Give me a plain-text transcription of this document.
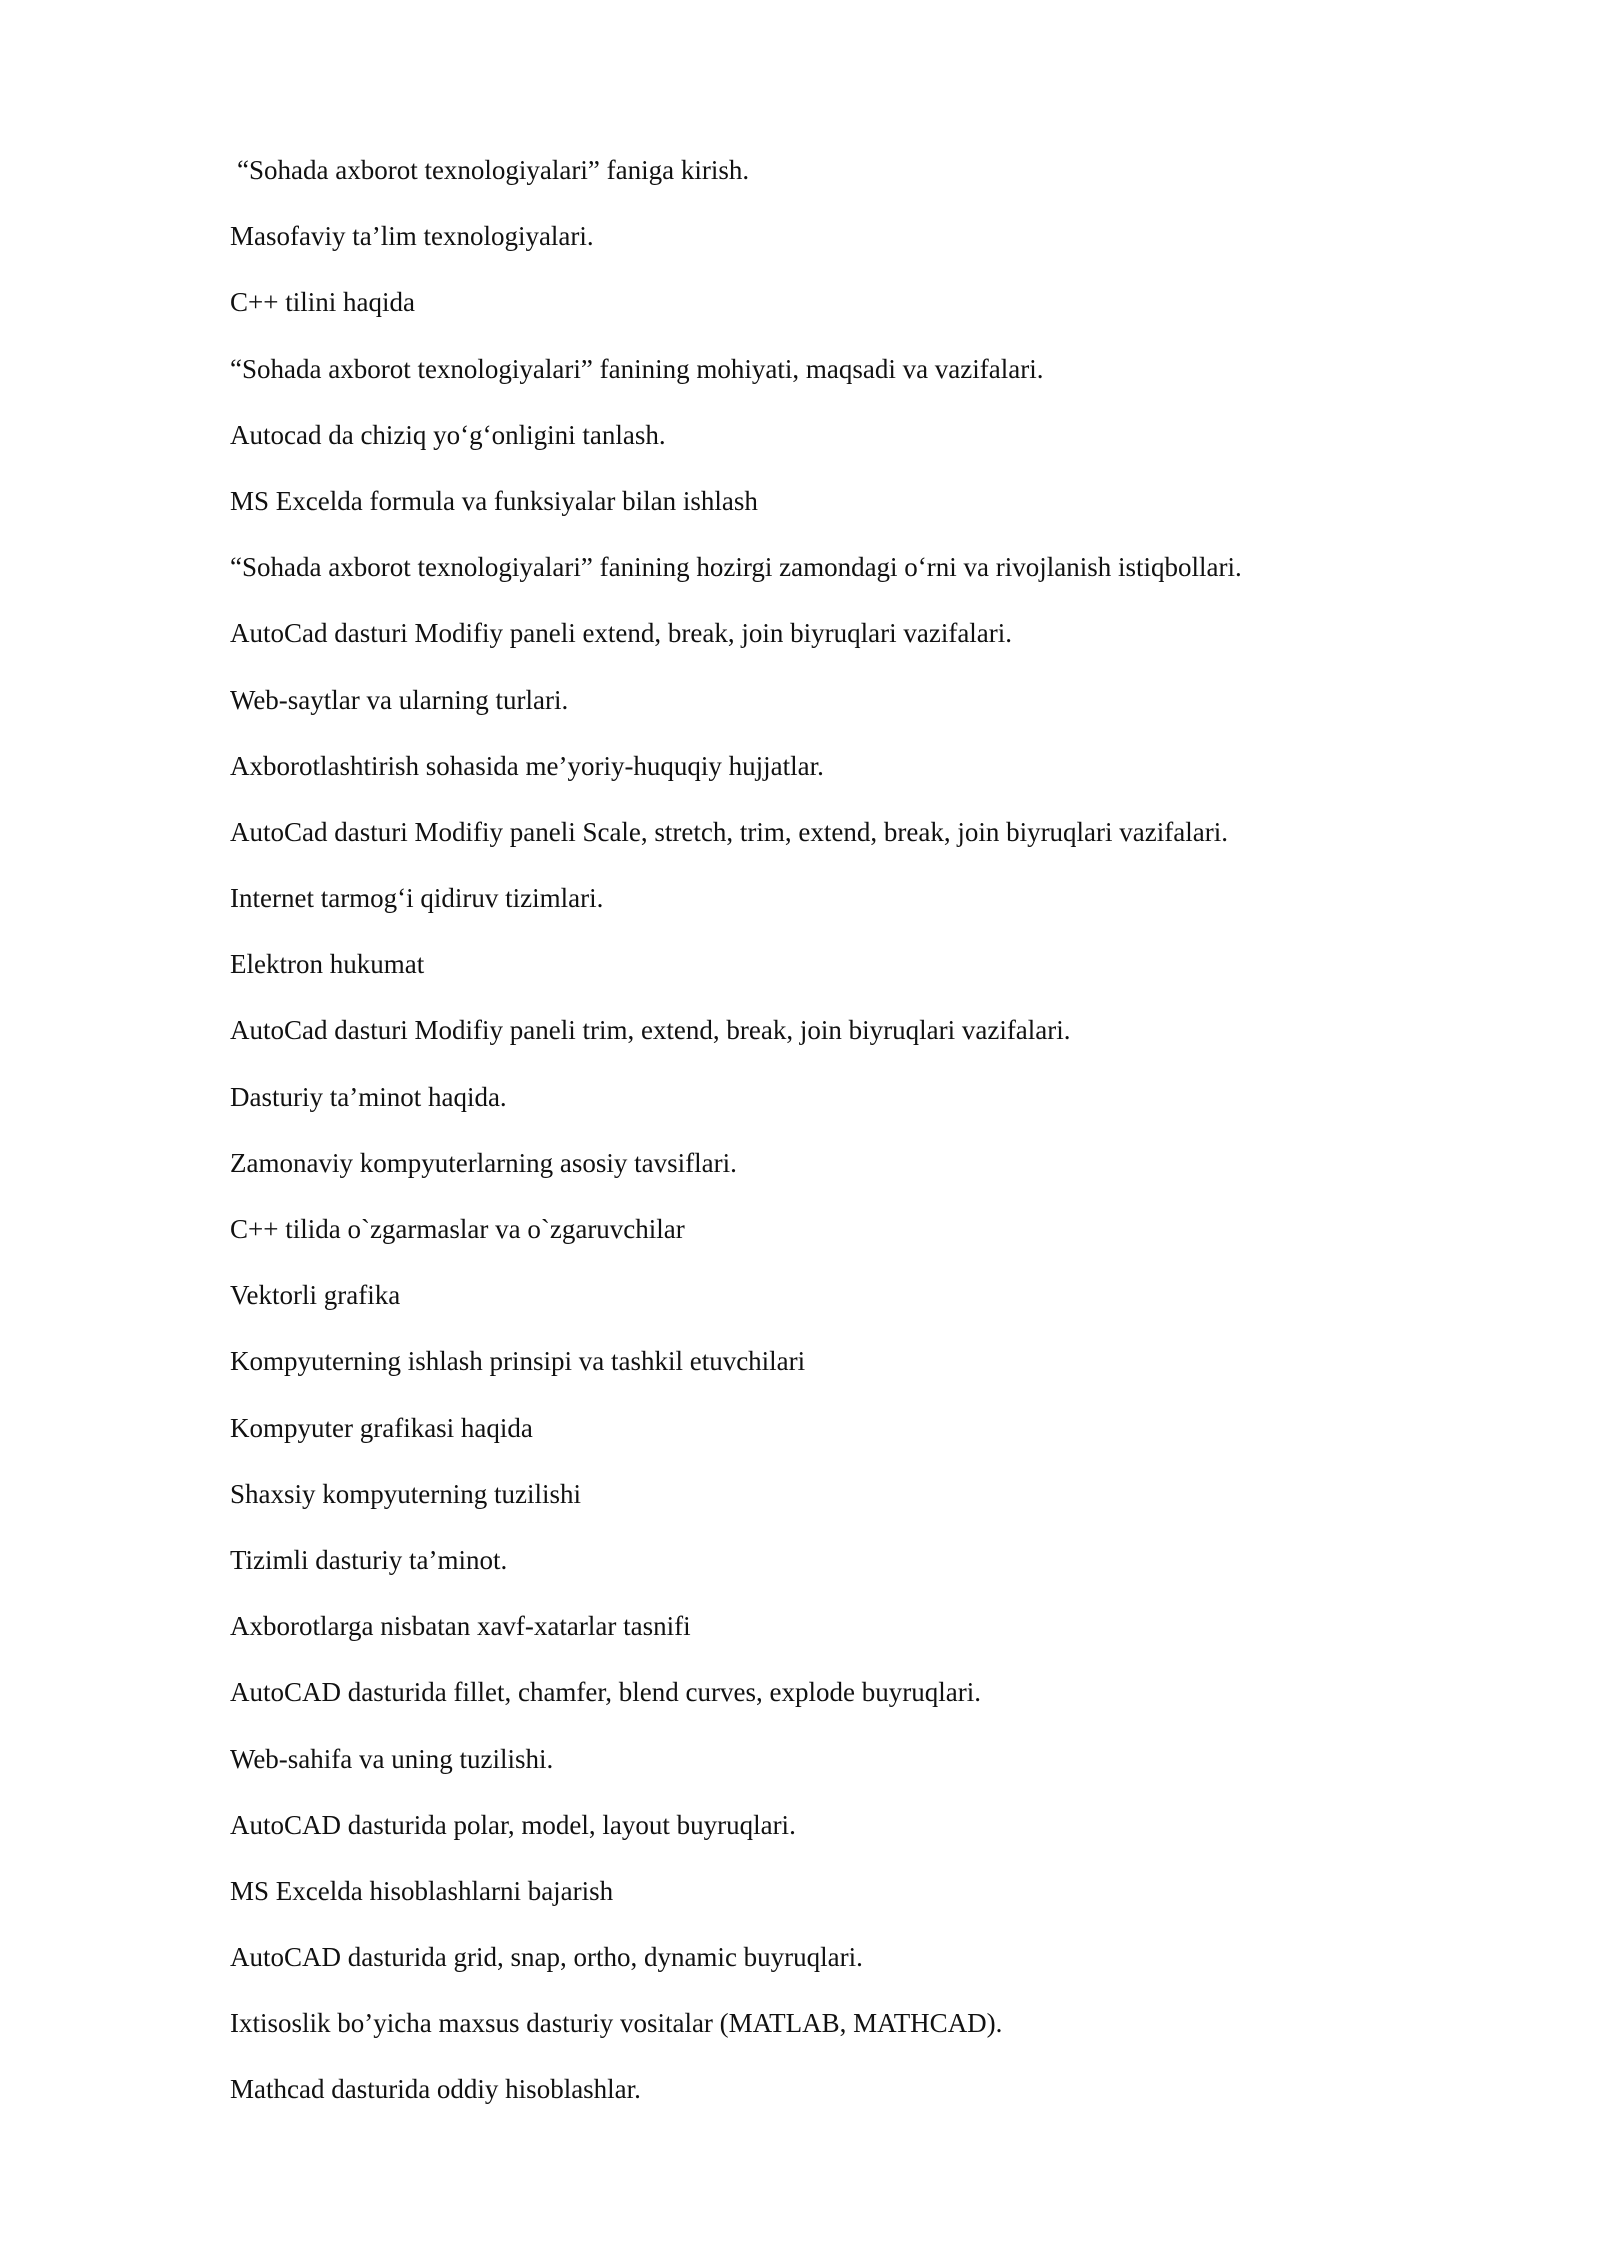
“Sohada axborot texnologiyalari” faniga kirish.
Masofaviy ta’lim texnologiyalari.
C++ tilini haqida
“Sohada axborot texnologiyalari” fanining mohiyati, maqsadi va vazifalari.
Autocad da chiziq yo‘g‘onligini tanlash.
MS Excelda formula va funksiyalar bilan ishlash
“Sohada axborot texnologiyalari” fanining hozirgi zamondagi o‘rni va rivojlanish istiqbollari.
AutoCad dasturi Modifiy paneli extend, break, join biyruqlari vazifalari.
Web-saytlar va ularning turlari.
Axborotlashtirish sohasida me’yoriy-huquqiy hujjatlar.
AutoCad dasturi Modifiy paneli Scale, stretch, trim, extend, break, join biyruqlari vazifalari.
Internet tarmog‘i qidiruv tizimlari.
Elektron hukumat
AutoCad dasturi Modifiy paneli trim, extend, break, join biyruqlari vazifalari.
Dasturiy ta’minot haqida.
Zamonaviy kompyuterlarning asosiy tavsiflari.
C++ tilida o`zgarmaslar va o`zgaruvchilar
Vektorli grafika
Kompyuterning ishlash prinsipi va tashkil etuvchilari
Kompyuter grafikasi haqida
Shaxsiy kompyuterning tuzilishi
Tizimli dasturiy ta’minot.
Axborotlarga nisbatan xavf-xatarlar tasnifi
AutoCAD dasturida fillet, chamfer, blend curves, explode buyruqlari.
Web-sahifa va uning tuzilishi.
AutoCAD dasturida polar, model, layout buyruqlari.
MS Excelda hisoblashlarni bajarish
AutoCAD dasturida grid, snap, ortho, dynamic buyruqlari.
Ixtisoslik bo’yicha maxsus dasturiy vositalar (MATLAB, MATHCAD).
Mathcad dasturida oddiy hisoblashlar.
